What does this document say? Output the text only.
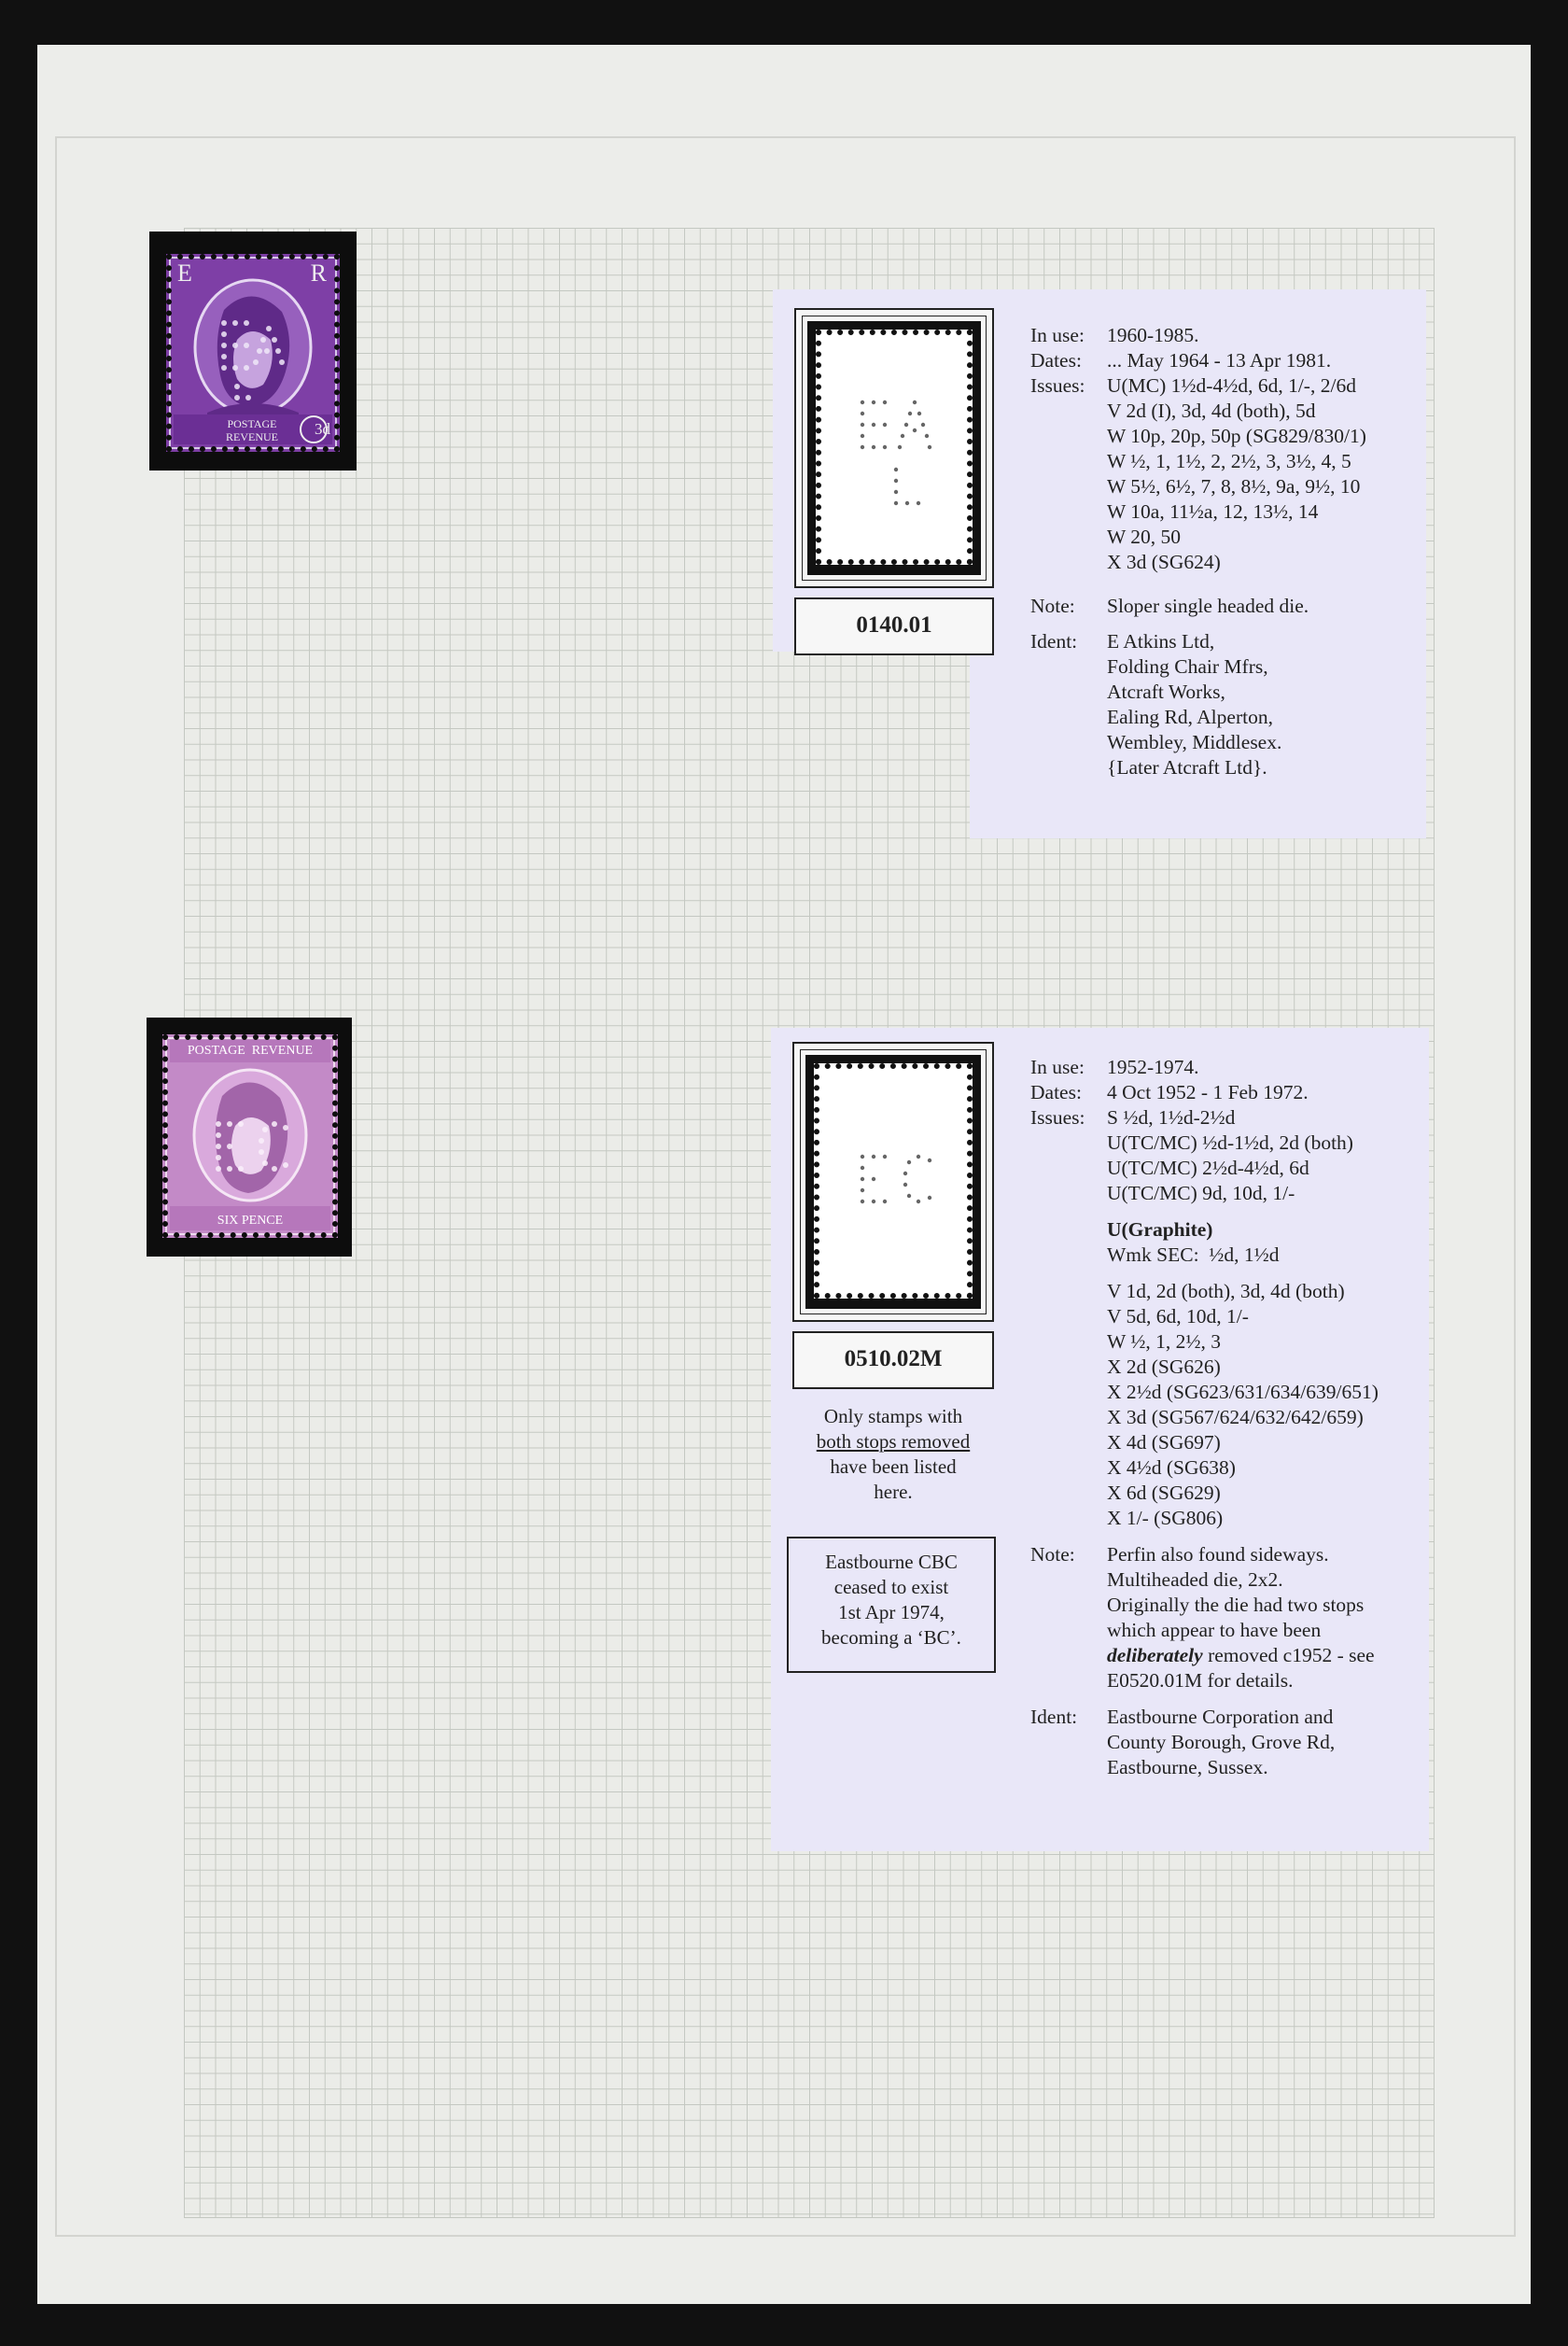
POSTAGE
REVENUE
E	R
3d
0140.01
In use: 1960-1985.
Dates: ... May 1964 - 13 Apr 1981.
Issues: U(MC) 1½d-4½d, 6d, 1/-, 2/6d
V 2d (I), 3d, 4d (both), 5d
W 10p, 20p, 50p (SG829/830/1)
W ½, 1, 1½, 2, 2½, 3, 3½, 4, 5
W 5½, 6½, 7, 8, 8½, 9a, 9½, 10
W 10a, 11½a, 12, 13½, 14
W 20, 50
X 3d (SG624)
Note: Sloper single headed die.
Ident: E Atkins Ltd,
Folding Chair Mfrs,
Atcraft Works,
Ealing Rd, Alperton,
Wembley, Middlesex.
{Later Atcraft Ltd}.
POSTAGE  REVENUE
SIX PENCE
0510.02M
Only stamps with
both stops removed
have been listed
here.
Eastbourne CBC
ceased to exist
1st Apr 1974,
becoming a ‘BC’.
In use: 1952-1974.
Dates: 4 Oct 1952 - 1 Feb 1972.
Issues: S ½d, 1½d-2½d
U(TC/MC) ½d-1½d, 2d (both)
U(TC/MC) 2½d-4½d, 6d
U(TC/MC) 9d, 10d, 1/-
U(Graphite)
Wmk SEC:  ½d, 1½d
V 1d, 2d (both), 3d, 4d (both)
V 5d, 6d, 10d, 1/-
W ½, 1, 2½, 3
X 2d (SG626)
X 2½d (SG623/631/634/639/651)
X 3d (SG567/624/632/642/659)
X 4d (SG697)
X 4½d (SG638)
X 6d (SG629)
X 1/- (SG806)
Note: Perfin also found sideways.
Multiheaded die, 2x2.
Originally the die had two stops
which appear to have been
deliberately removed c1952 - see
E0520.01M for details.
Ident: Eastbourne Corporation and
County Borough, Grove Rd,
Eastbourne, Sussex.
